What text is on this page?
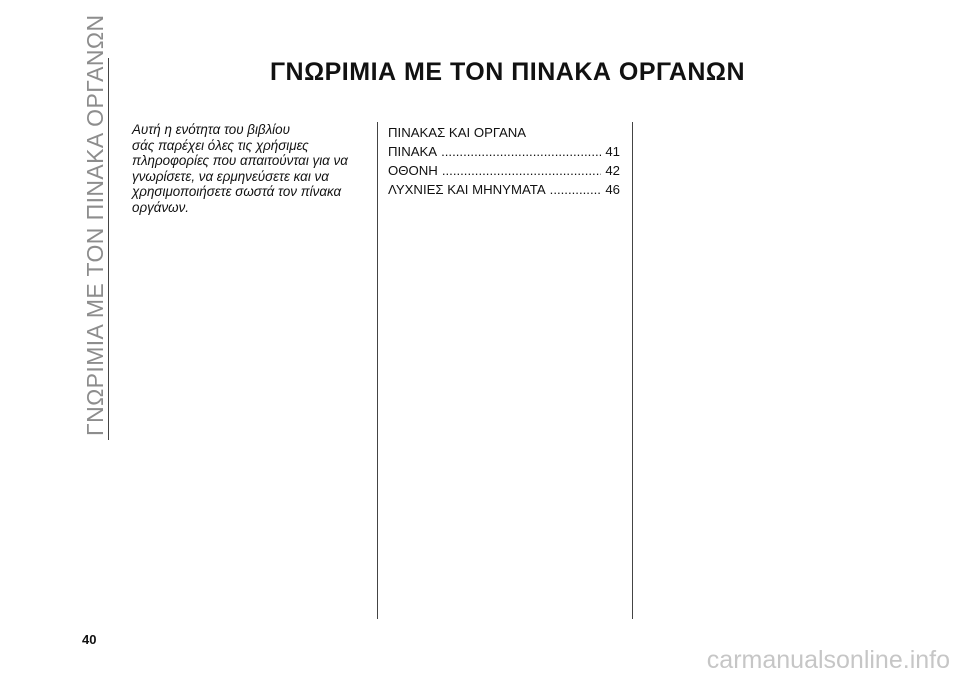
ΓΝΩΡΙΜΙΑ ΜΕ ΤΟΝ ΠΙΝΑΚΑ ΟΡΓΑΝΩΝ	ΓΝΩΡΙΜΙΑ ΜΕ ΤΟΝ ΠΙΝΑΚΑ ΟΡΓΑΝΩΝ
Αυτή η ενότητα του βιβλίου
σάς παρέχει όλες τις χρήσιμες
πληροφορίες που απαιτούνται για να
γνωρίσετε, να ερμηνεύσετε και να
χρησιμοποιήσετε σωστά τον πίνακα
οργάνων.
ΠΙΝΑΚΑΣ ΚΑΙ ΟΡΓΑΝΑ
ΠΙΝΑΚΑ .....	41
ΟΘΟΝΗ .....	42
ΛΥΧΝΙΕΣ ΚΑΙ ΜΗΝΥΜΑΤΑ .....	46
40
carmanualsonline.info
